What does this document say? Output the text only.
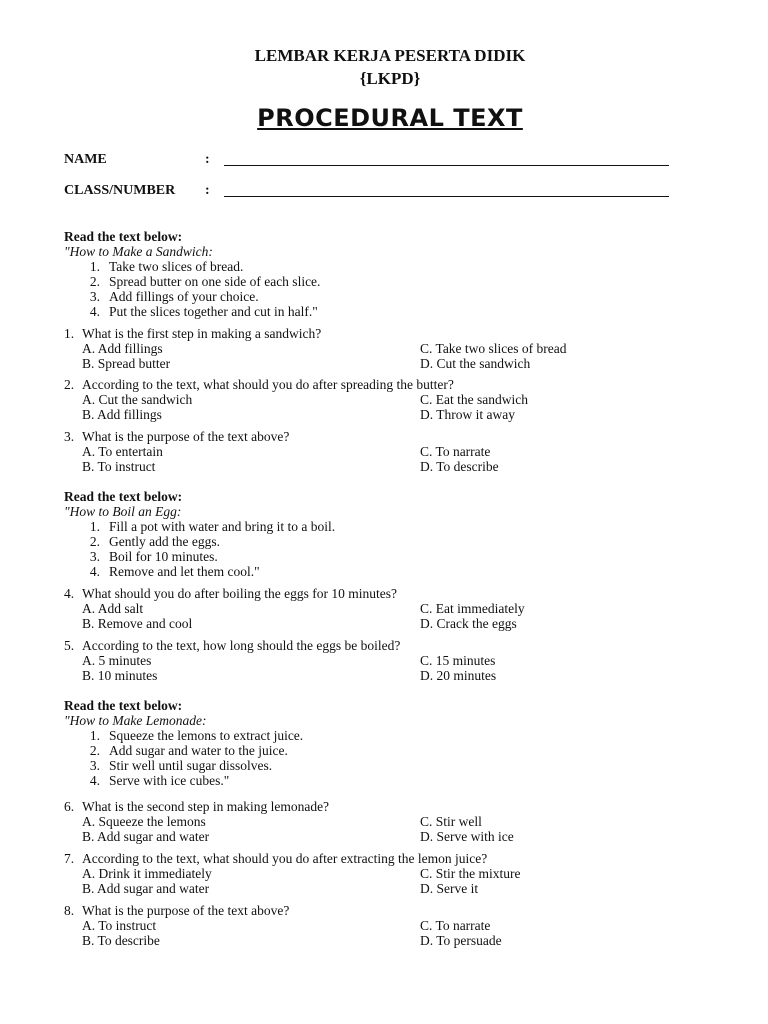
LEMBAR KERJA PESERTA DIDIK
{LKPD}
PROCEDURAL TEXT
NAME	:
CLASS/NUMBER :
Read the text below:
"How to Make a Sandwich:
1. Take two slices of bread.
2. Spread butter on one side of each slice.
3. Add fillings of your choice.
4. Put the slices together and cut in half."
1. What is the first step in making a sandwich?
A. Add fillings	C. Take two slices of bread
B. Spread butter	D. Cut the sandwich
2. According to the text, what should you do after spreading the butter?
A. Cut the sandwich	C. Eat the sandwich
B. Add fillings	D. Throw it away
3. What is the purpose of the text above?
A. To entertain	C. To narrate
B. To instruct	D. To describe
Read the text below:
"How to Boil an Egg:
1. Fill a pot with water and bring it to a boil.
2. Gently add the eggs.
3. Boil for 10 minutes.
4. Remove and let them cool."
4. What should you do after boiling the eggs for 10 minutes?
A. Add salt	C. Eat immediately
B. Remove and cool	D. Crack the eggs
5. According to the text, how long should the eggs be boiled?
A. 5 minutes	C. 15 minutes
B. 10 minutes	D. 20 minutes
Read the text below:
"How to Make Lemonade:
1. Squeeze the lemons to extract juice.
2. Add sugar and water to the juice.
3. Stir well until sugar dissolves.
4. Serve with ice cubes."
6. What is the second step in making lemonade?
A. Squeeze the lemons	C. Stir well
B. Add sugar and water	D. Serve with ice
7. According to the text, what should you do after extracting the lemon juice?
A. Drink it immediately	C. Stir the mixture
B. Add sugar and water	D. Serve it
8. What is the purpose of the text above?
A. To instruct	C. To narrate
B. To describe	D. To persuade
